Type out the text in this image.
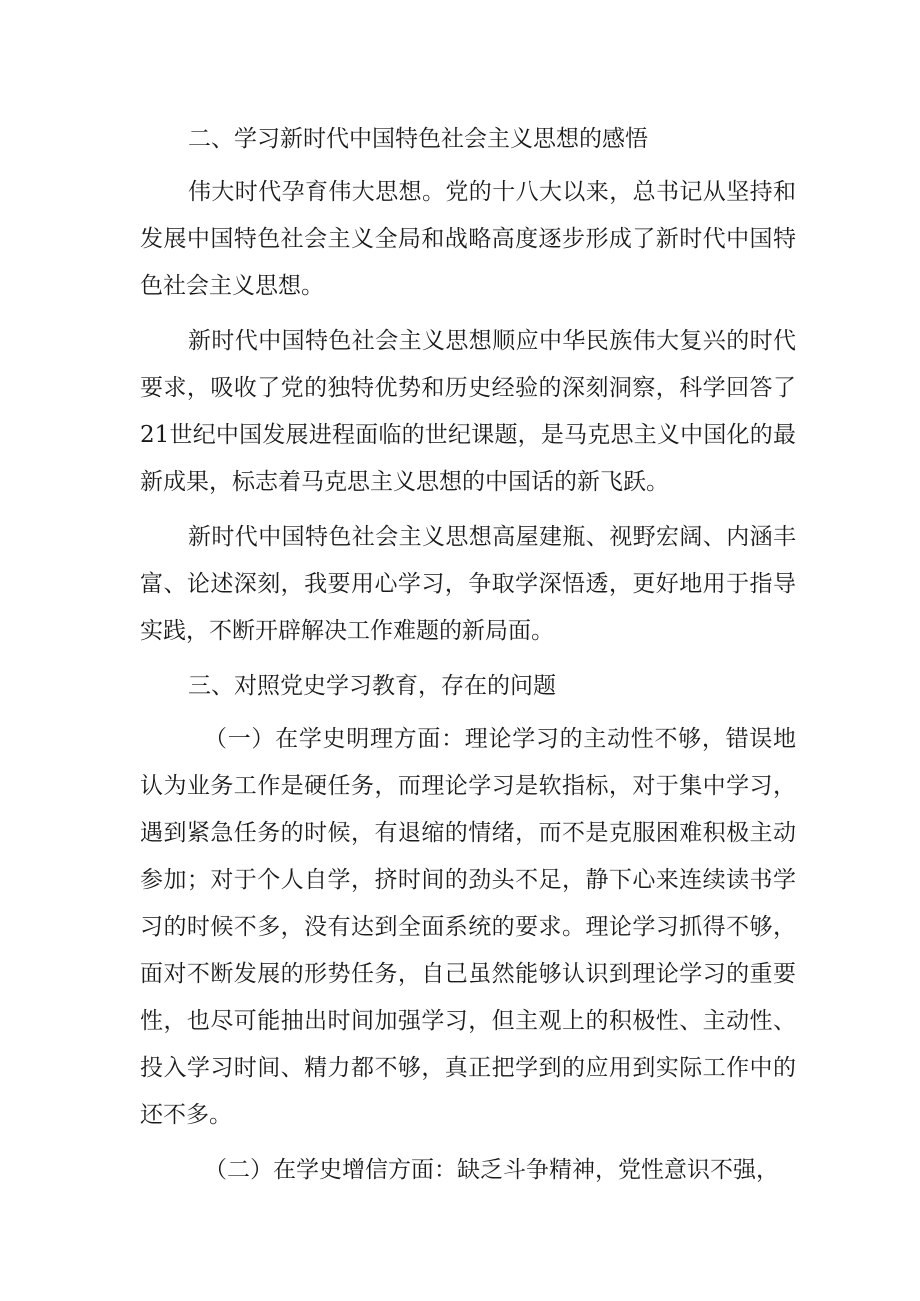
二、学习新时代中国特色社会主义思想的感悟

伟大时代孕育伟大思想。党的十八大以来，总书记从坚持和发展中国特色社会主义全局和战略高度逐步形成了新时代中国特色社会主义思想。

新时代中国特色社会主义思想顺应中华民族伟大复兴的时代要求，吸收了党的独特优势和历史经验的深刻洞察，科学回答了21世纪中国发展进程面临的世纪课题，是马克思主义中国化的最新成果，标志着马克思主义思想的中国话的新飞跃。

新时代中国特色社会主义思想高屋建瓶、视野宏阔、内涵丰富、论述深刻，我要用心学习，争取学深悟透，更好地用于指导实践，不断开辟解决工作难题的新局面。

三、对照党史学习教育，存在的问题

（一）在学史明理方面：理论学习的主动性不够，错误地认为业务工作是硬任务，而理论学习是软指标，对于集中学习，遇到紧急任务的时候，有退缩的情绪，而不是克服困难积极主动参加；对于个人自学，挤时间的劲头不足，静下心来连续读书学习的时候不多，没有达到全面系统的要求。理论学习抓得不够，面对不断发展的形势任务，自己虽然能够认识到理论学习的重要性，也尽可能抽出时间加强学习，但主观上的积极性、主动性、投入学习时间、精力都不够，真正把学到的应用到实际工作中的还不多。

（二）在学史增信方面：缺乏斗争精神，党性意识不强，
